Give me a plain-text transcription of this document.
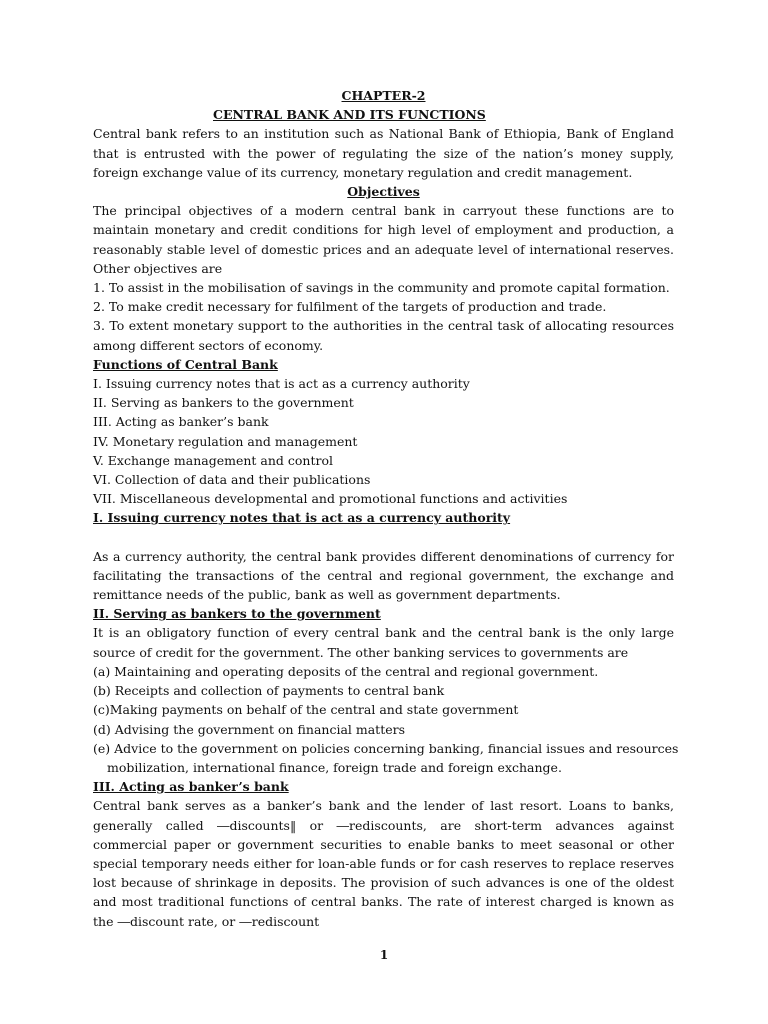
CHAPTER-2
CENTRAL BANK AND ITS FUNCTIONS
Central bank refers to an institution such as National Bank of Ethiopia, Bank of England that is entrusted with the power of regulating the size of the nation’s money supply, foreign exchange value of its currency, monetary regulation and credit management.
Objectives
The principal objectives of a modern central bank in carryout these functions are to maintain monetary and credit conditions for high level of employment and production, a reasonably stable level of domestic prices and an adequate level of international reserves. Other objectives are
1. To assist in the mobilisation of savings in the community and promote capital formation.
2. To make credit necessary for fulfilment of the targets of production and trade.
3. To extent monetary support to the authorities in the central task of allocating resources among different sectors of economy.
Functions of Central Bank
I. Issuing currency notes that is act as a currency authority
II. Serving as bankers to the government
III. Acting as banker’s bank
IV. Monetary regulation and management
V. Exchange management and control
VI. Collection of data and their publications
VII. Miscellaneous developmental and promotional functions and activities
I. Issuing currency notes that is act as a currency authority
As a currency authority, the central bank provides different denominations of currency for facilitating the transactions of the central and regional government, the exchange and remittance needs of the public, bank as well as government departments.
II. Serving as bankers to the government
It is an obligatory function of every central bank and the central bank is the only large source of credit for the government. The other banking services to governments are
(a) Maintaining and operating deposits of the central and regional government.
(b) Receipts and collection of payments to central bank
(c)Making payments on behalf of the central and state government
(d) Advising the government on financial matters
(e) Advice to the government on policies concerning banking, financial issues and resources
mobilization, international finance, foreign trade and foreign exchange.
III. Acting as banker’s bank
Central bank serves as a banker’s bank and the lender of last resort. Loans to banks, generally called ―discounts‖ or ―rediscounts, are short-term advances against commercial paper or government securities to enable banks to meet seasonal or other special temporary needs either for loan-able funds or for cash reserves to replace reserves lost because of shrinkage in deposits. The provision of such advances is one of the oldest and most traditional functions of central banks. The rate of interest charged is known as the ―discount rate, or ―rediscount
1
